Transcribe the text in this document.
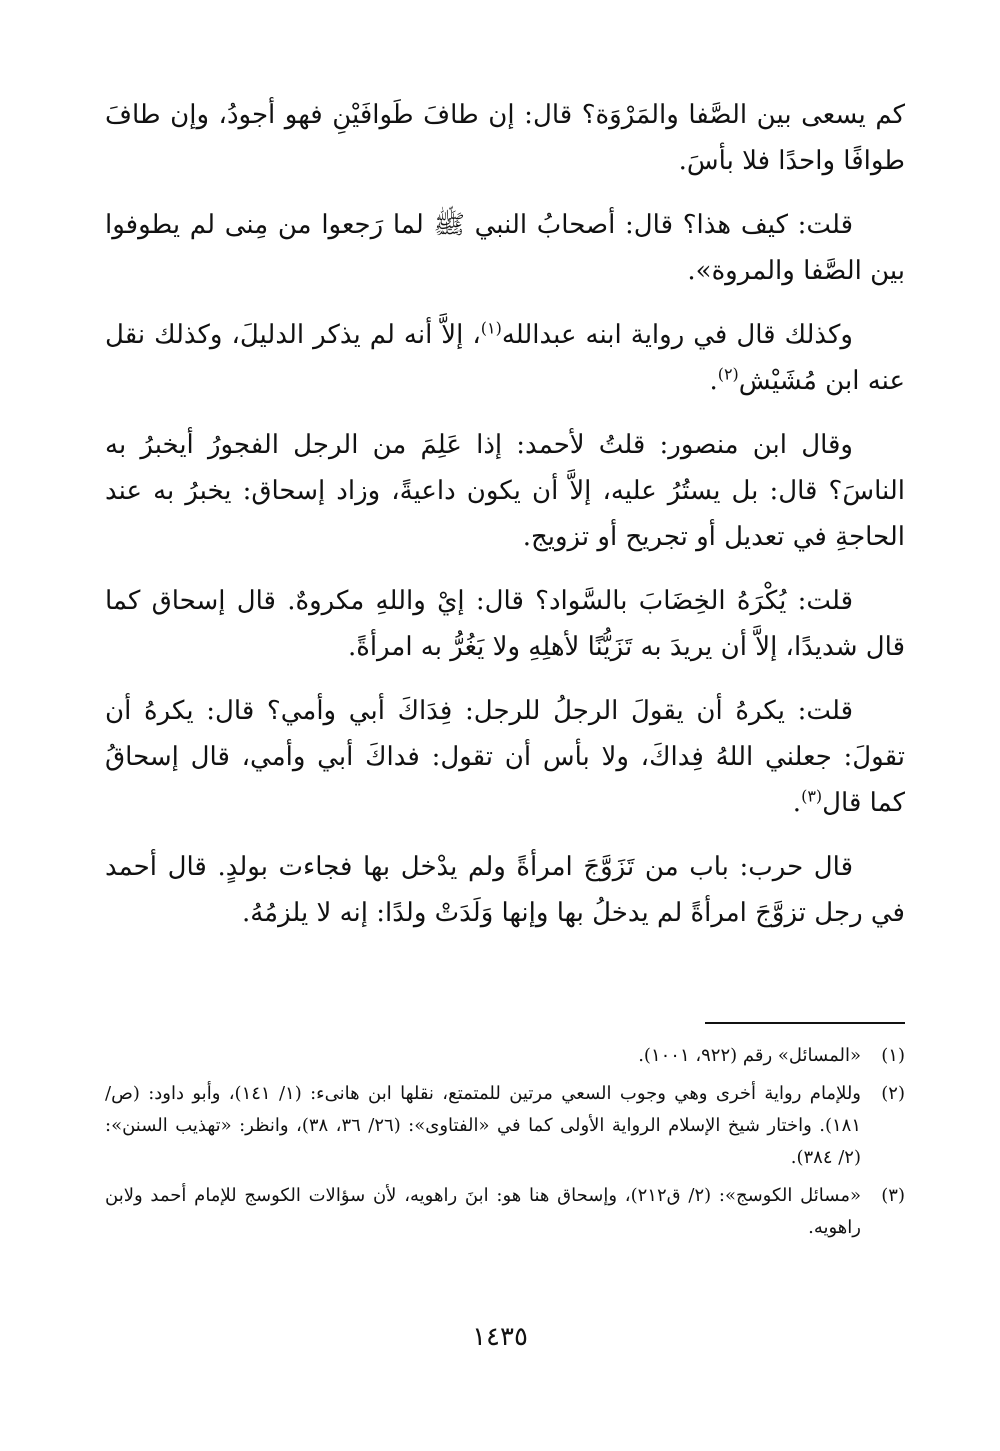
كم يسعى بين الصَّفا والمَرْوَة؟ قال: إن طافَ طَوافَيْنِ فهو أجودُ، وإن طافَ طوافًا واحدًا فلا بأسَ.

قلت: كيف هذا؟ قال: أصحابُ النبي ﷺ لما رَجعوا من مِنى لم يطوفوا بين الصَّفا والمروة».

وكذلك قال في رواية ابنه عبدالله$^{(١)}$، إلاَّ أنه لم يذكر الدليلَ، وكذلك نقل عنه ابن مُشَيْش$^{(٢)}$.

وقال ابن منصور: قلتُ لأحمد: إذا عَلِمَ من الرجل الفجورُ أيخبرُ به الناسَ؟ قال: بل يستُرُ عليه، إلاَّ أن يكون داعيةً، وزاد إسحاق: يخبرُ به عند الحاجةِ في تعديل أو تجريح أو تزويج.

قلت: يُكْرَهُ الخِضَابَ بالسَّواد؟ قال: إيْ واللهِ مكروهٌ. قال إسحاق كما قال شديدًا، إلاَّ أن يريدَ به تَزَيُّنًا لأهلِهِ ولا يَغُرُّ به امرأةً.

قلت: يكرهُ أن يقولَ الرجلُ للرجل: فِدَاكَ أبي وأمي؟ قال: يكرهُ أن تقولَ: جعلني اللهُ فِداكَ، ولا بأس أن تقول: فداكَ أبي وأمي، قال إسحاقُ كما قال$^{(٣)}$.

قال حرب: باب من تَزَوَّجَ امرأةً ولم يدْخل بها فجاءت بولدٍ. قال أحمد في رجل تزوَّجَ امرأةً لم يدخلُ بها وإنها وَلَدَتْ ولدًا: إنه لا يلزمُهُ.

(١)
«المسائل» رقم (٩٢٢، ١٠٠١).
(٢)
وللإمام رواية أخرى وهي وجوب السعي مرتين للمتمتع، نقلها ابن هانىء: (١/ ١٤١)، وأبو داود: (ص/ ١٨١). واختار شيخ الإسلام الرواية الأولى كما في «الفتاوى»: (٢٦/ ٣٦، ٣٨)، وانظر: «تهذيب السنن»: (٢/ ٣٨٤).
(٣)
«مسائل الكوسج»: (٢/ ق٢١٢)، وإسحاق هنا هو: ابنَ راهويه، لأن سؤالات الكوسج للإمام أحمد ولابن راهويه.
١٤٣٥
